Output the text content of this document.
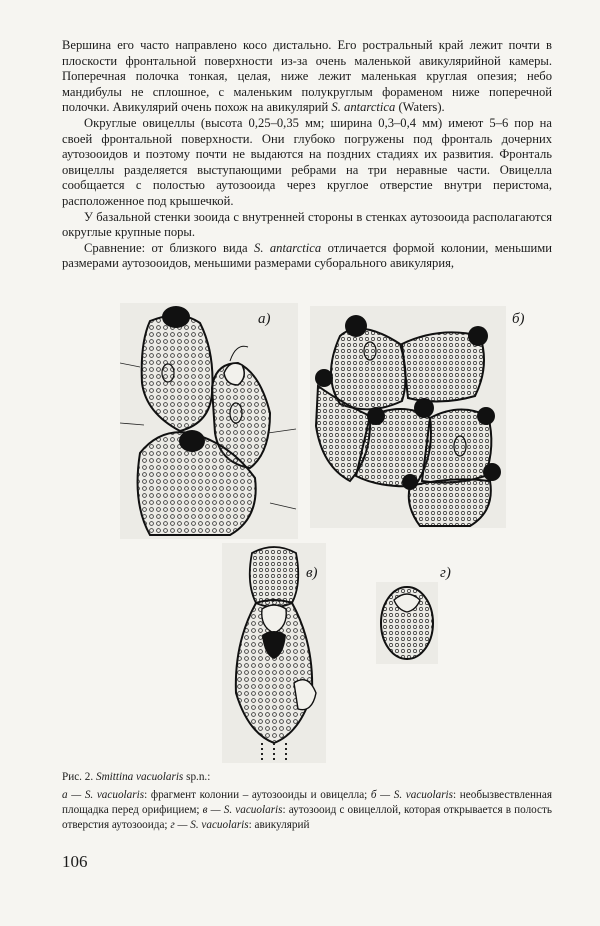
Вершина его часто направлено косо дистально. Его ростральный край лежит почти в плоскости фронтальной поверхности из-за очень маленькой авикулярийной камеры. Поперечная полочка тонкая, целая, ниже лежит маленькая круглая опезия; небо мандибулы не сплошное, с маленьким полукруглым фораменом ниже поперечной полочки. Авикулярий очень похож на авикулярий S. antarctica (Waters).

Округлые овицеллы (высота 0,25–0,35 мм; ширина 0,3–0,4 мм) имеют 5–6 пор на своей фронтальной поверхности. Они глубоко погружены под фронталь дочерних аутозооидов и поэтому почти не выдаются на поздних стадиях их развития. Фронталь овицеллы разделяется выступающими ребрами на три неравные части. Овицелла сообщается с полостью аутозооида через круглое отверстие внутри перистома, расположенное под крышечкой.

У базальной стенки зооида с внутренней стороны в стенках аутозооида располагаются округлые крупные поры.

Сравнение: от близкого вида S. antarctica отличается формой колонии, меньшими размерами аутозооидов, меньшими размерами суборального авикулярия,

а)	б)
в)	г)

Рис. 2. Smittina vacuolaris sp.n.:

а — S. vacuolaris: фрагмент колонии – аутозооиды и овицелла; б — S. vacuolaris: необызвествленная площадка перед орифицием; в — S. vacuolaris: аутозооид с овицеллой, которая открывается в полость отверстия аутозооида; г — S. vacuolaris: авикулярий

106
